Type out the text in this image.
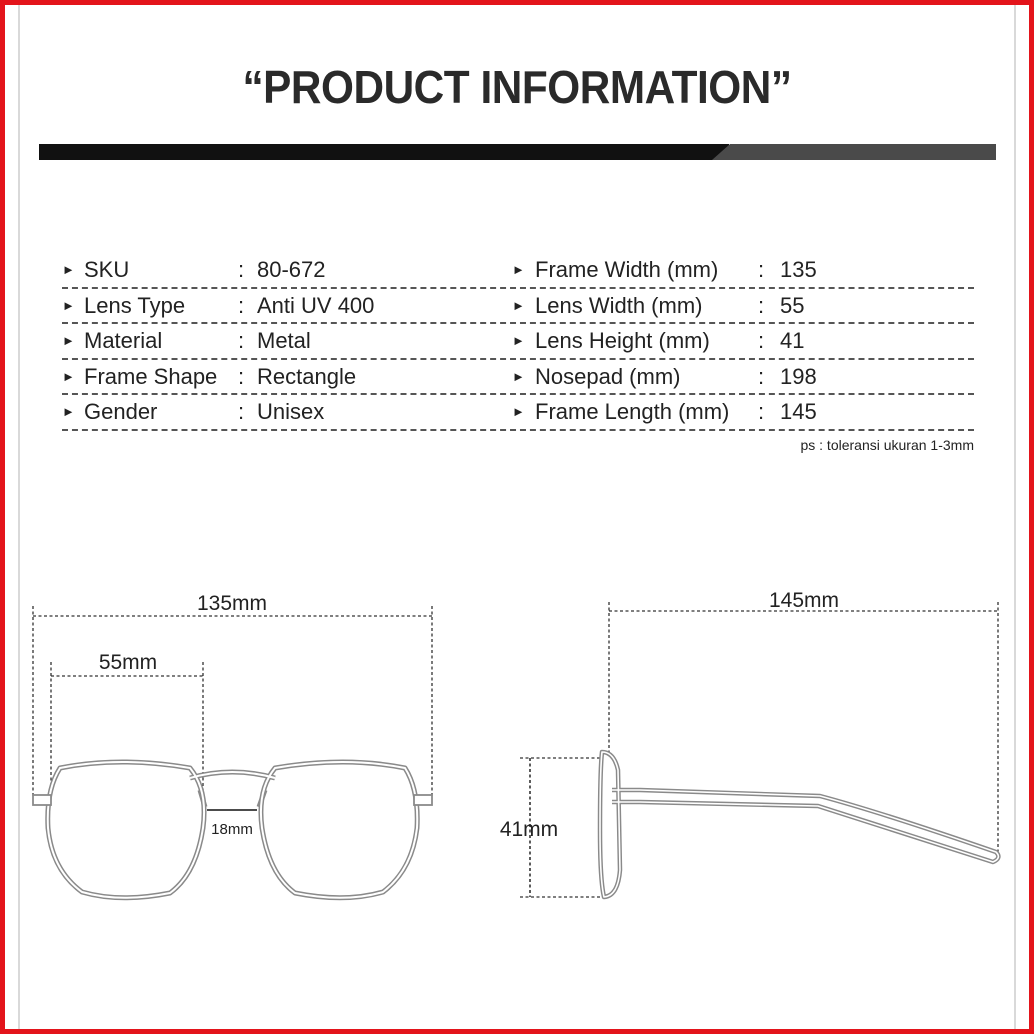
“PRODUCT INFORMATION”
► SKU	: 80-672	► Frame Width (mm) : 135
► Lens Type : Anti UV 400	► Lens Width (mm)	: 55
► Material	: Metal	► Lens Height (mm) : 41
► Frame Shape : Rectangle	► Nosepad (mm)	: 198
► Gender	: Unisex	► Frame Length (mm) : 145
ps : toleransi ukuran 1-3mm
135mm
55mm
18mm
145mm
41mm
